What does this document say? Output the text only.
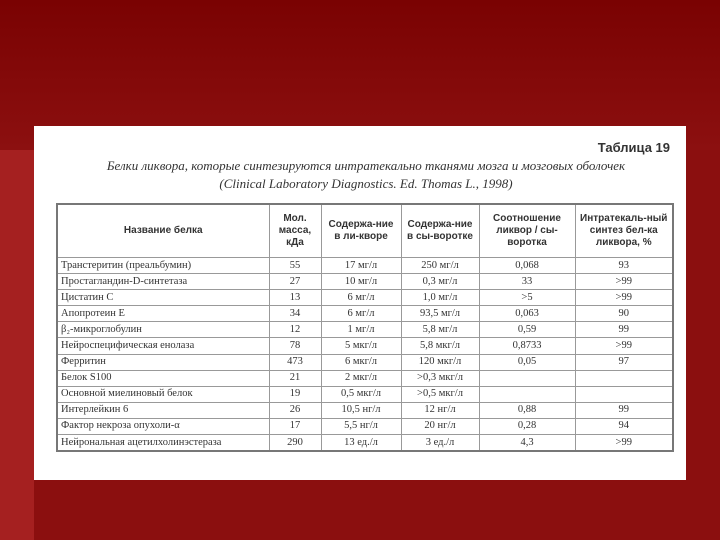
Таблица 19
Белки ликвора, которые синтезируются интратекально тканями мозга и мозговых оболочек
(Clinical Laboratory Diagnostics. Ed. Thomas L., 1998)
Название белка	Мол. масса, кДа	Содержа-ние в ли-кворе	Содержа-ние в сы-воротке	Соотношение ликвор / сы-воротка	Интратекаль-ный синтез бел-ка ликвора, %
Транстеритин (преальбумин)	55	17 мг/л	250 мг/л	0,068	93
Простагландин-D-синтетаза	27	10 мг/л	0,3 мг/л	33	>99
Цистатин С	13	6 мг/л	1,0 мг/л	>5	>99
Апопротеин Е	34	6 мг/л	93,5 мг/л	0,063	90
β₂-микроглобулин	12	1 мг/л	5,8 мг/л	0,59	99
Нейроспецифическая енолаза	78	5 мкг/л	5,8 мкг/л	0,8733	>99
Ферритин	473	6 мкг/л	120 мкг/л	0,05	97
Белок S100	21	2 мкг/л	>0,3 мкг/л		
Основной миелиновый белок	19	0,5 мкг/л	>0,5 мкг/л		
Интерлейкин 6	26	10,5 нг/л	12 нг/л	0,88	99
Фактор некроза опухоли-α	17	5,5 нг/л	20 нг/л	0,28	94
Нейрональная ацетилхолинэстераза	290	13 ед./л	3 ед./л	4,3	>99
